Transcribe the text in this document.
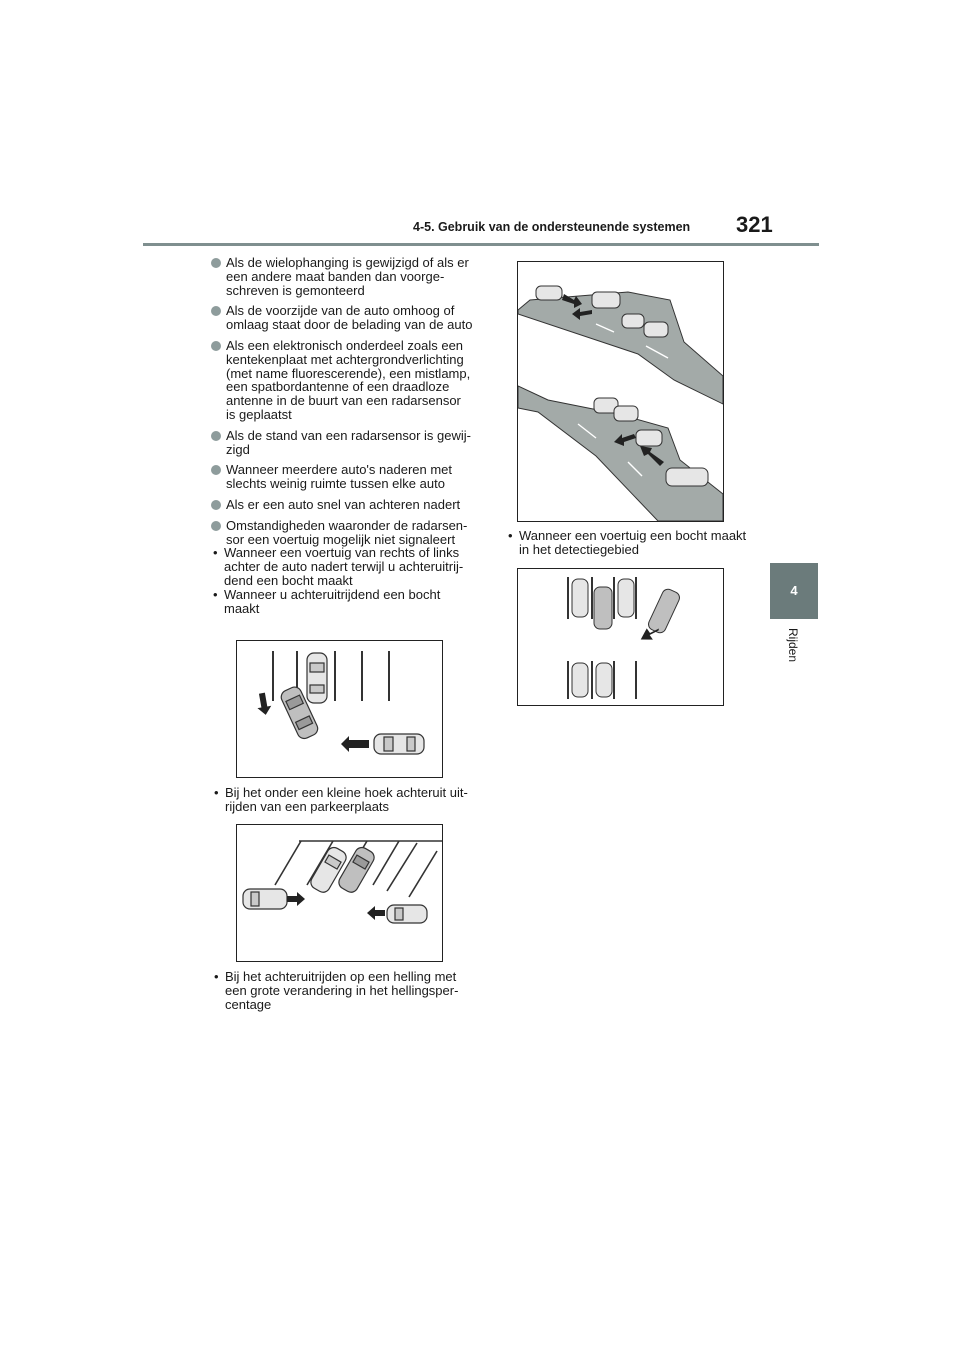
4-5. Gebruik van de ondersteunende systemen 321
4
Rijden
Als de wielophanging is gewijzigd of als er een andere maat banden dan voorge-schreven is gemonteerd
Als de voorzijde van de auto omhoog of omlaag staat door de belading van de auto
Als een elektronisch onderdeel zoals een kentekenplaat met achtergrondverlichting (met name fluorescerende), een mistlamp, een spatbordantenne of een draadloze antenne in de buurt van een radarsensor is geplaatst
Als de stand van een radarsensor is gewij-zigd
Wanneer meerdere auto's naderen met slechts weinig ruimte tussen elke auto
Als er een auto snel van achteren nadert
Omstandigheden waaronder de radarsen-sor een voertuig mogelijk niet signaleert
• Wanneer een voertuig van rechts of links achter de auto nadert terwijl u achteruitrij-dend een bocht maakt
• Wanneer u achteruitrijdend een bocht maakt
• Bij het onder een kleine hoek achteruit uit-rijden van een parkeerplaats
• Bij het achteruitrijden op een helling met een grote verandering in het hellingsper-centage
• Wanneer een voertuig een bocht maakt in het detectiegebied
